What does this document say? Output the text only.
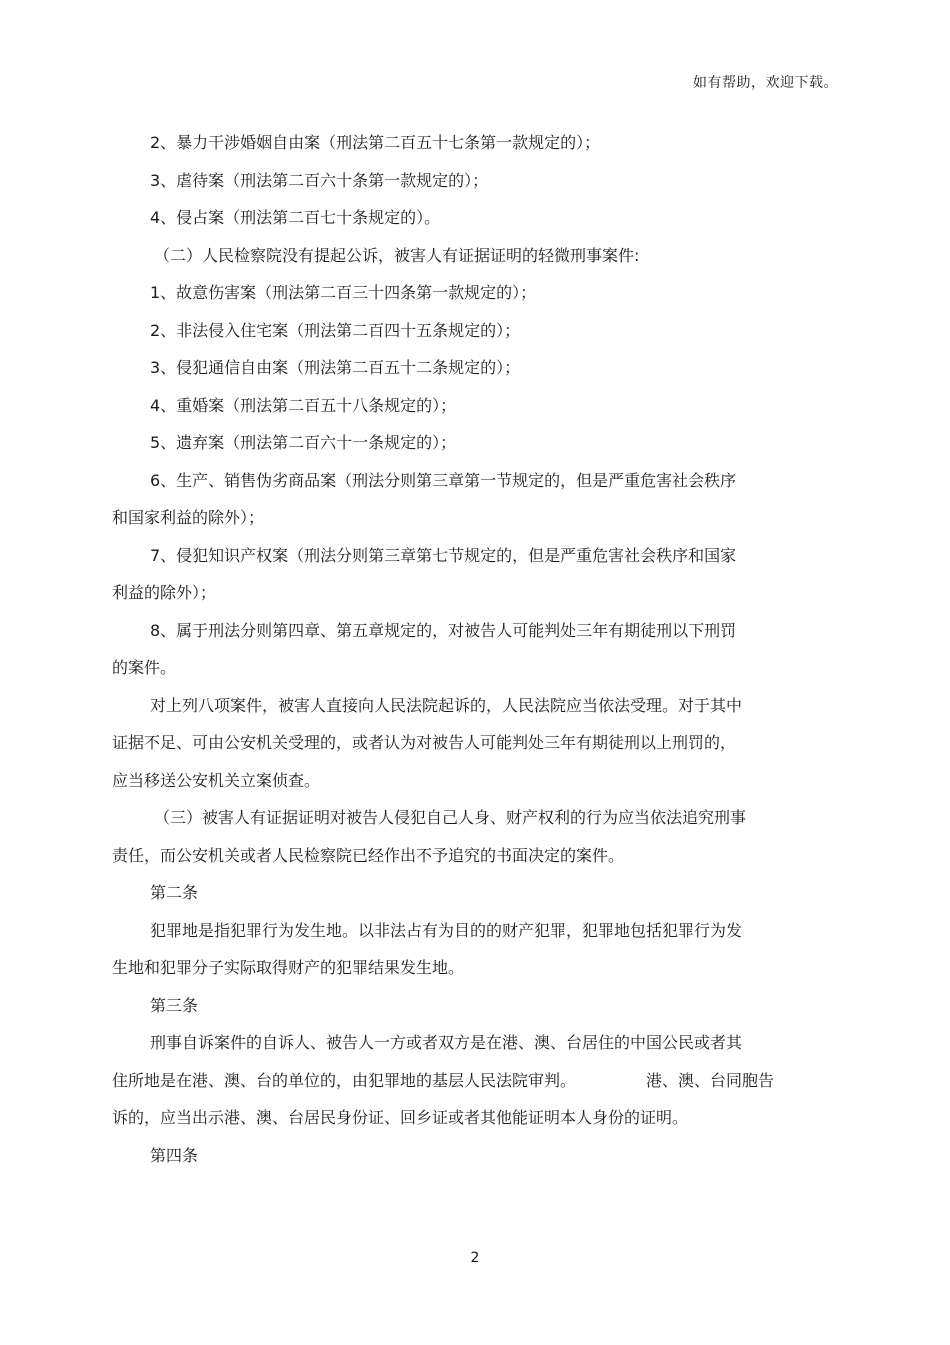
如有帮助，欢迎下载。

2、暴力干涉婚姻自由案（刑法第二百五十七条第一款规定的）；

3、虐待案（刑法第二百六十条第一款规定的）；

4、侵占案（刑法第二百七十条规定的）。

（二）人民检察院没有提起公诉，被害人有证据证明的轻微刑事案件:

1、故意伤害案（刑法第二百三十四条第一款规定的）；

2、非法侵入住宅案（刑法第二百四十五条规定的）；

3、侵犯通信自由案（刑法第二百五十二条规定的）；

4、重婚案（刑法第二百五十八条规定的）；

5、遗弃案（刑法第二百六十一条规定的）；

6、生产、销售伪劣商品案（刑法分则第三章第一节规定的，但是严重危害社会秩序

和国家利益的除外）；

7、侵犯知识产权案（刑法分则第三章第七节规定的，但是严重危害社会秩序和国家

利益的除外）；

8、属于刑法分则第四章、第五章规定的，对被告人可能判处三年有期徒刑以下刑罚

的案件。

对上列八项案件，被害人直接向人民法院起诉的，人民法院应当依法受理。对于其中

证据不足、可由公安机关受理的，或者认为对被告人可能判处三年有期徒刑以上刑罚的，

应当移送公安机关立案侦查。

（三）被害人有证据证明对被告人侵犯自己人身、财产权利的行为应当依法追究刑事

责任，而公安机关或者人民检察院已经作出不予追究的书面决定的案件。

第二条

犯罪地是指犯罪行为发生地。以非法占有为目的的财产犯罪，犯罪地包括犯罪行为发

生地和犯罪分子实际取得财产的犯罪结果发生地。

第三条

刑事自诉案件的自诉人、被告人一方或者双方是在港、澳、台居住的中国公民或者其

住所地是在港、澳、台的单位的，由犯罪地的基层人民法院审判。	港、澳、台同胞告

诉的，应当出示港、澳、台居民身份证、回乡证或者其他能证明本人身份的证明。

第四条

2
